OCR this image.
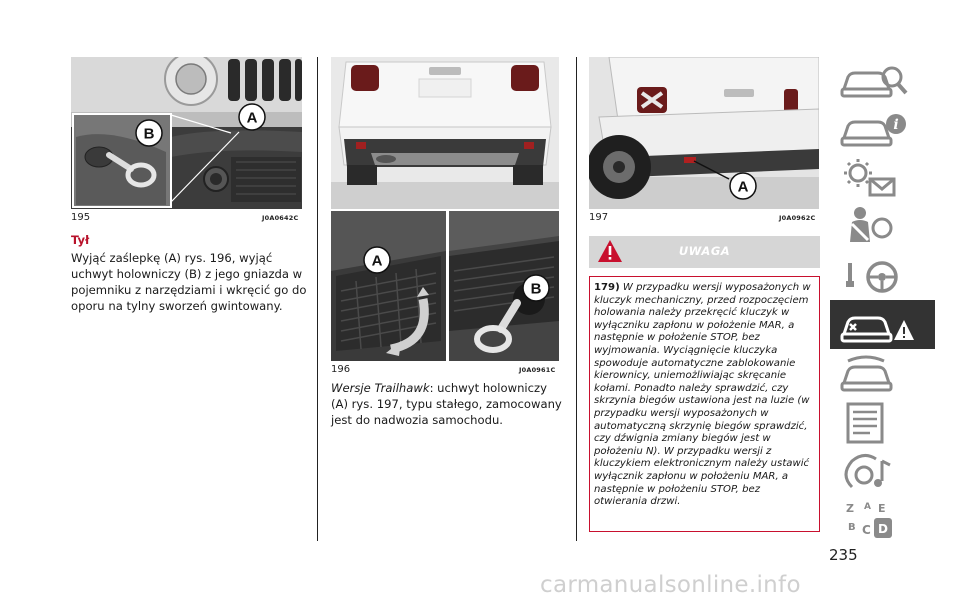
B
A
195	J0A0642C
Tył

Wyjąć zaślepkę (A) rys. 196, wyjąć uchwyt holowniczy (B) z jego gniazda w pojemniku z narzędziami i wkręcić go do oporu na tylny sworzeń gwintowany.

A
B
196	J0A0961C

Wersje Trailhawk: uchwyt holowniczy (A) rys. 197, typu stałego, zamocowany jest do nadwozia samochodu.

A
197	J0A0962C
UWAGA

179) W przypadku wersji wyposażonych w kluczyk mechaniczny, przed rozpoczęciem holowania należy przekręcić kluczyk w wyłączniku zapłonu w położenie MAR, a następnie w położenie STOP, bez wyjmowania. Wyciągnięcie kluczyka spowoduje automatyczne zablokowanie kierownicy, uniemożliwiając skręcanie kołami. Ponadto należy sprawdzić, czy skrzynia biegów ustawiona jest na luzie (w przypadku wersji wyposażonych w automatyczną skrzynię biegów sprawdzić, czy dźwignia zmiany biegów jest w położeniu N). W przypadku wersji z kluczykiem elektronicznym należy ustawić wyłącznik zapłonu w położeniu MAR, a następnie w położeniu STOP, bez otwierania drzwi.

i
Z A E
B C D
235
carmanualsonline.info
